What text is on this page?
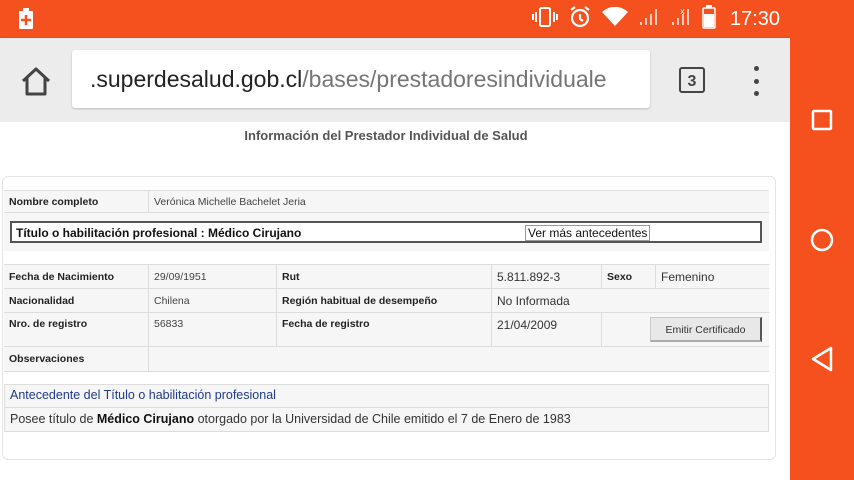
x 17:30
.superdesalud.gob.cl/bases/prestadoresindividuale	3
Información del Prestador Individual de Salud
Nombre completo	Verónica Michelle Bachelet Jeria
Título o habilitación profesional : Médico Cirujano	Ver más antecedentes
Fecha de Nacimiento	29/09/1951	Rut	5.811.892-3	Sexo	Femenino
Nacionalidad	Chilena	Región habitual de desempeño	No Informada
Nro. de registro	56833	Fecha de registro	21/04/2009	Emitir Certificado
Observaciones
Antecedente del Título o habilitación profesional
Posee título de Médico Cirujano otorgado por la Universidad de Chile emitido el 7 de Enero de 1983
